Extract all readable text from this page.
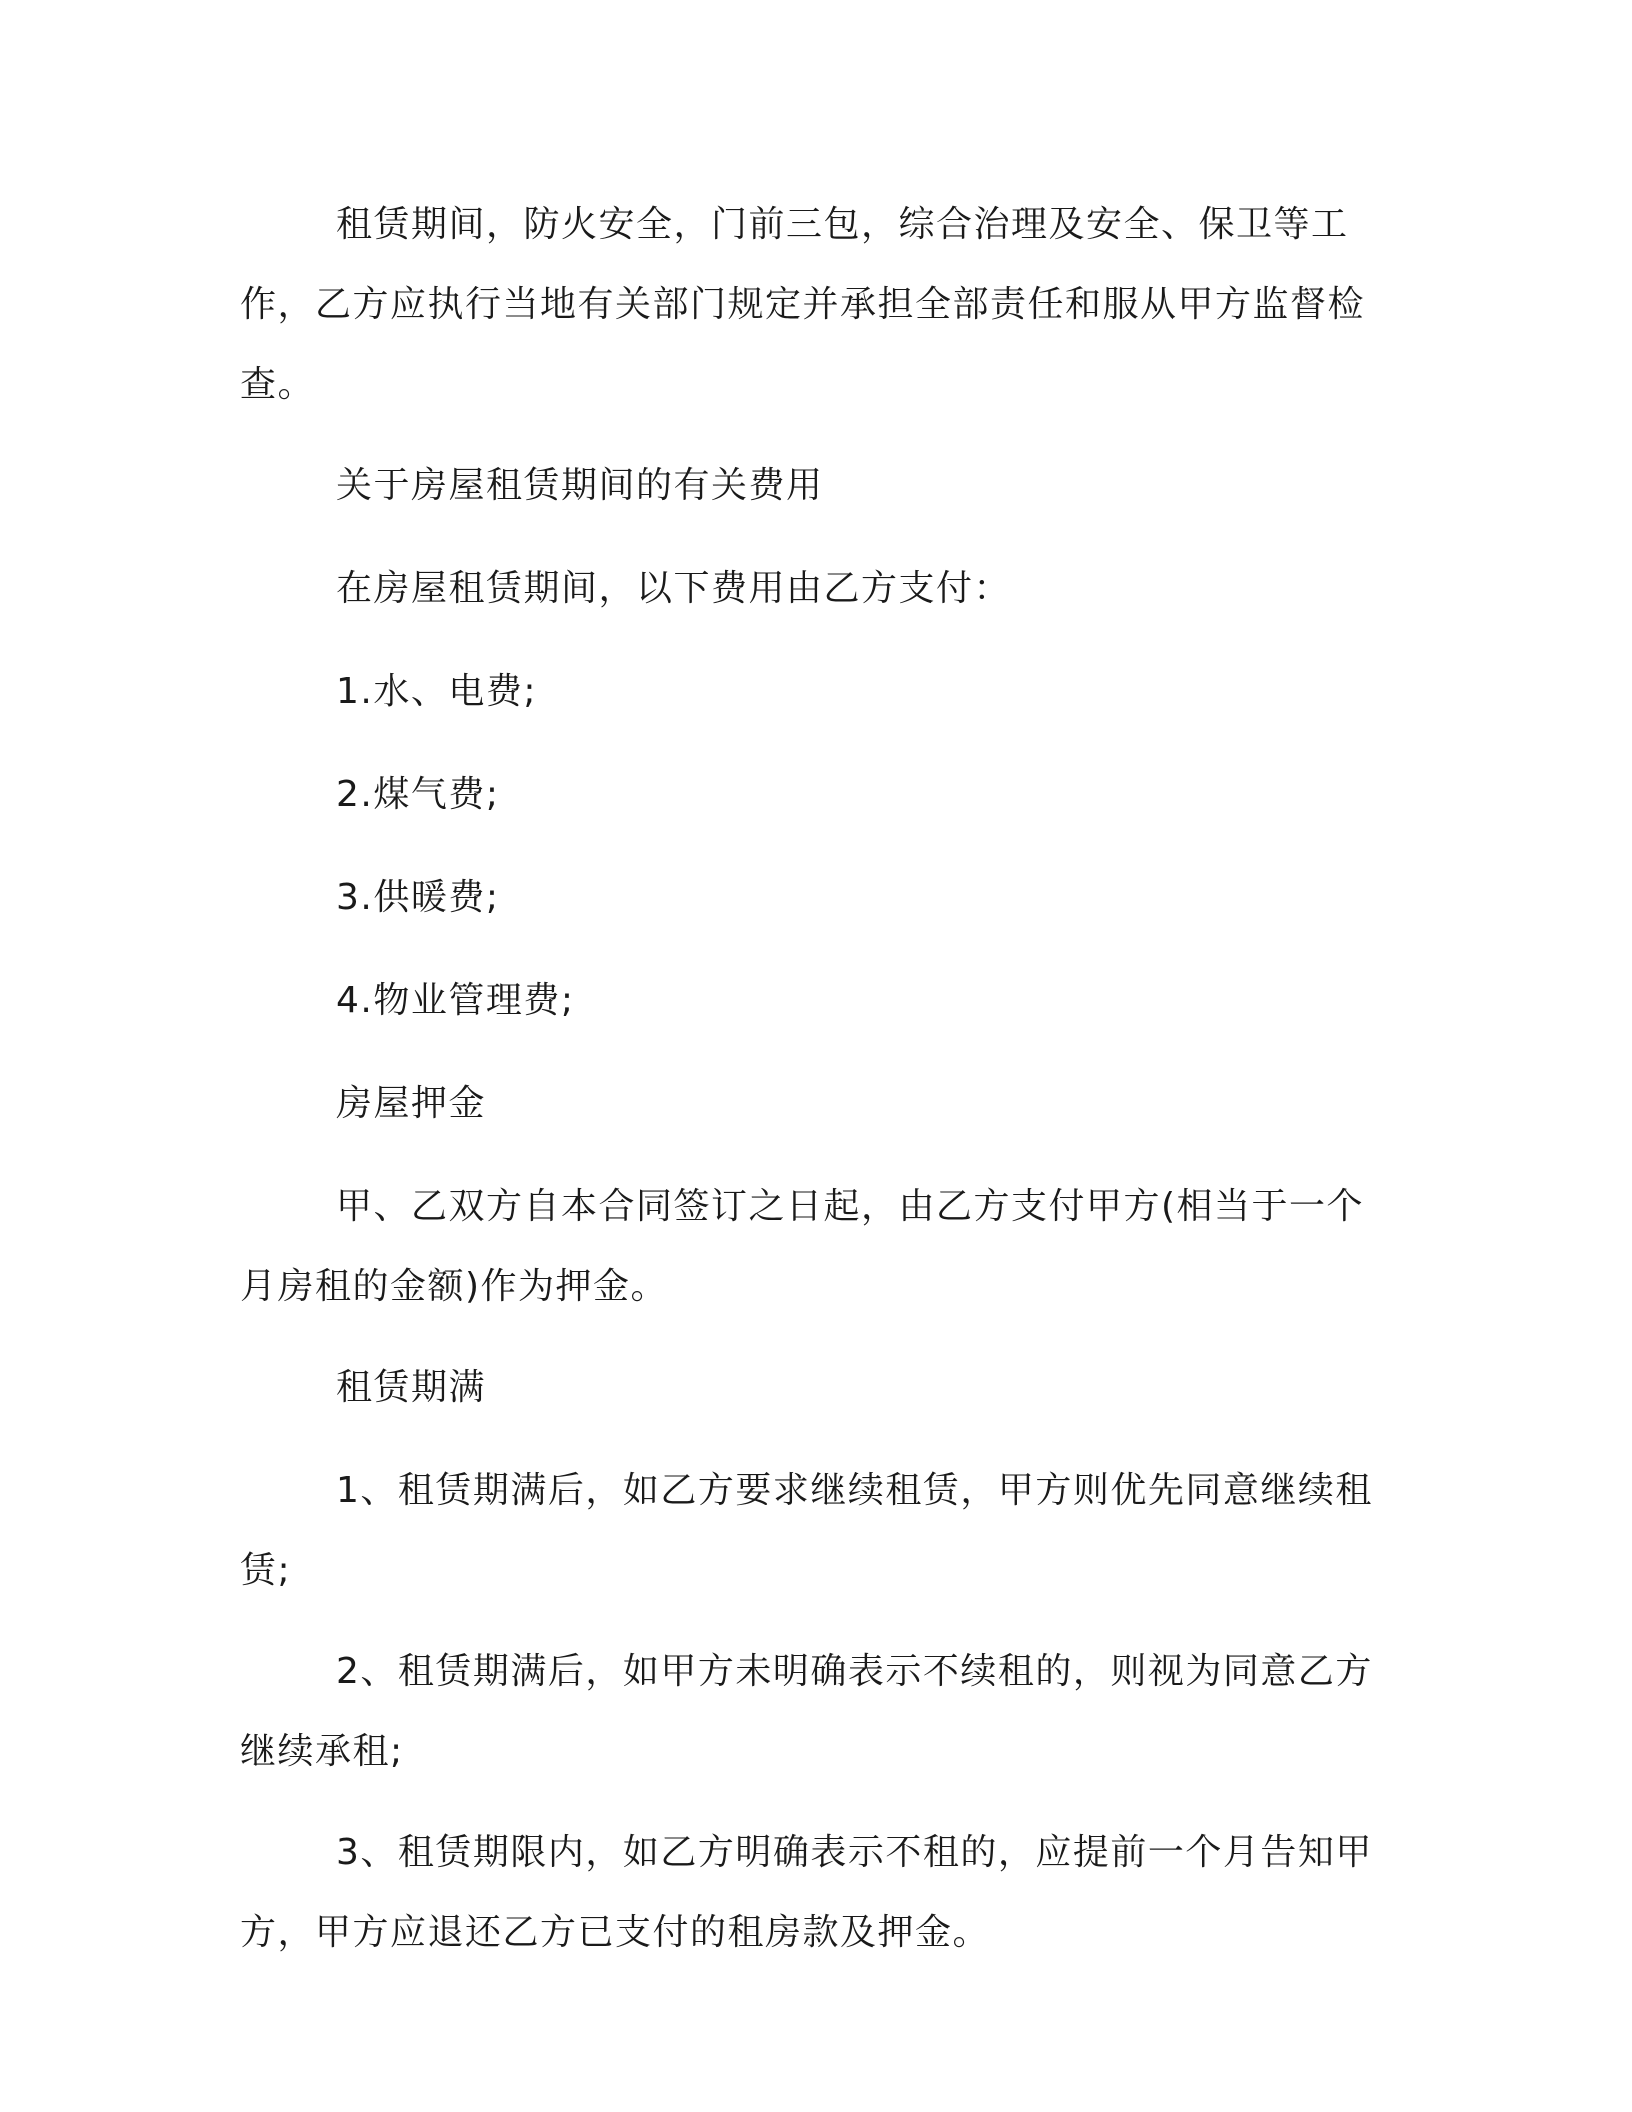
租赁期间，防火安全，门前三包，综合治理及安全、保卫等工作，乙方应执行当地有关部门规定并承担全部责任和服从甲方监督检查。

关于房屋租赁期间的有关费用

在房屋租赁期间，以下费用由乙方支付：

1.水、电费;

2.煤气费;

3.供暖费;

4.物业管理费;

房屋押金

甲、乙双方自本合同签订之日起，由乙方支付甲方(相当于一个月房租的金额)作为押金。

租赁期满

1、租赁期满后，如乙方要求继续租赁，甲方则优先同意继续租赁;

2、租赁期满后，如甲方未明确表示不续租的，则视为同意乙方继续承租;

3、租赁期限内，如乙方明确表示不租的，应提前一个月告知甲方，甲方应退还乙方已支付的租房款及押金。
